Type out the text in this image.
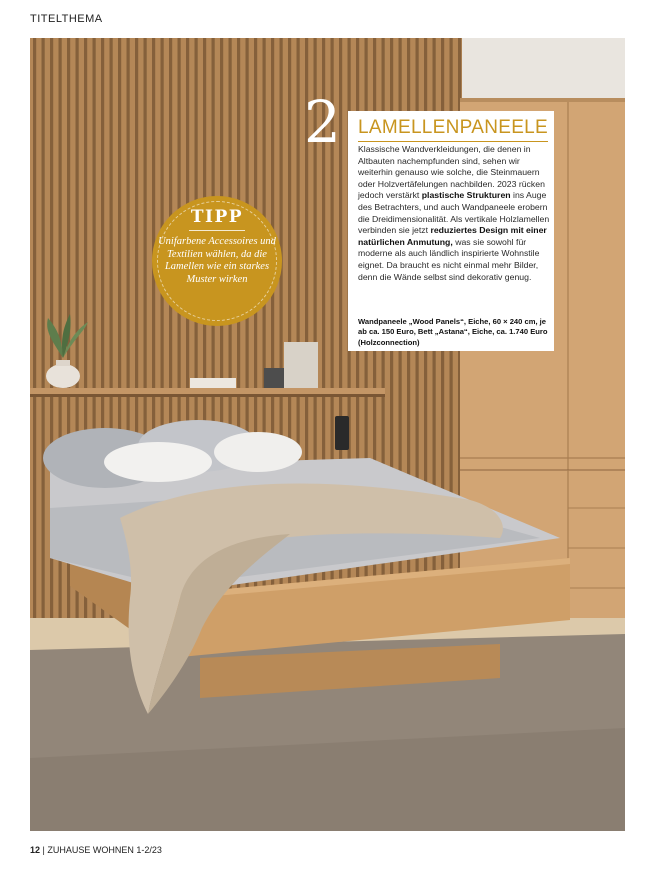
TITELTHEMA
TIPP
Unifarbene Accessoires und Textilien wählen, da die Lamellen wie ein starkes Muster wirken
2 LAMELLENPANEELE
Klassische Wandverkleidungen, die denen in Altbauten nachempfunden sind, sehen wir weiterhin genauso wie solche, die Steinmauern oder Holzvertäfelungen nachbilden. 2023 rücken jedoch verstärkt plastische Strukturen ins Auge des Betrachters, und auch Wandpaneele erobern die Dreidimensionalität. Als vertikale Holzlamellen verbinden sie jetzt reduziertes Design mit einer natürlichen Anmutung, was sie sowohl für moderne als auch ländlich inspirierte Wohnstile eignet. Da braucht es nicht einmal mehr Bilder, denn die Wände selbst sind dekorativ genug.
Wandpaneele „Wood Panels“, Eiche, 60 × 240 cm, je ab ca. 150 Euro, Bett „Astana“, Eiche, ca. 1.740 Euro (Holzconnection)
12 | ZUHAUSE WOHNEN 1-2/23
